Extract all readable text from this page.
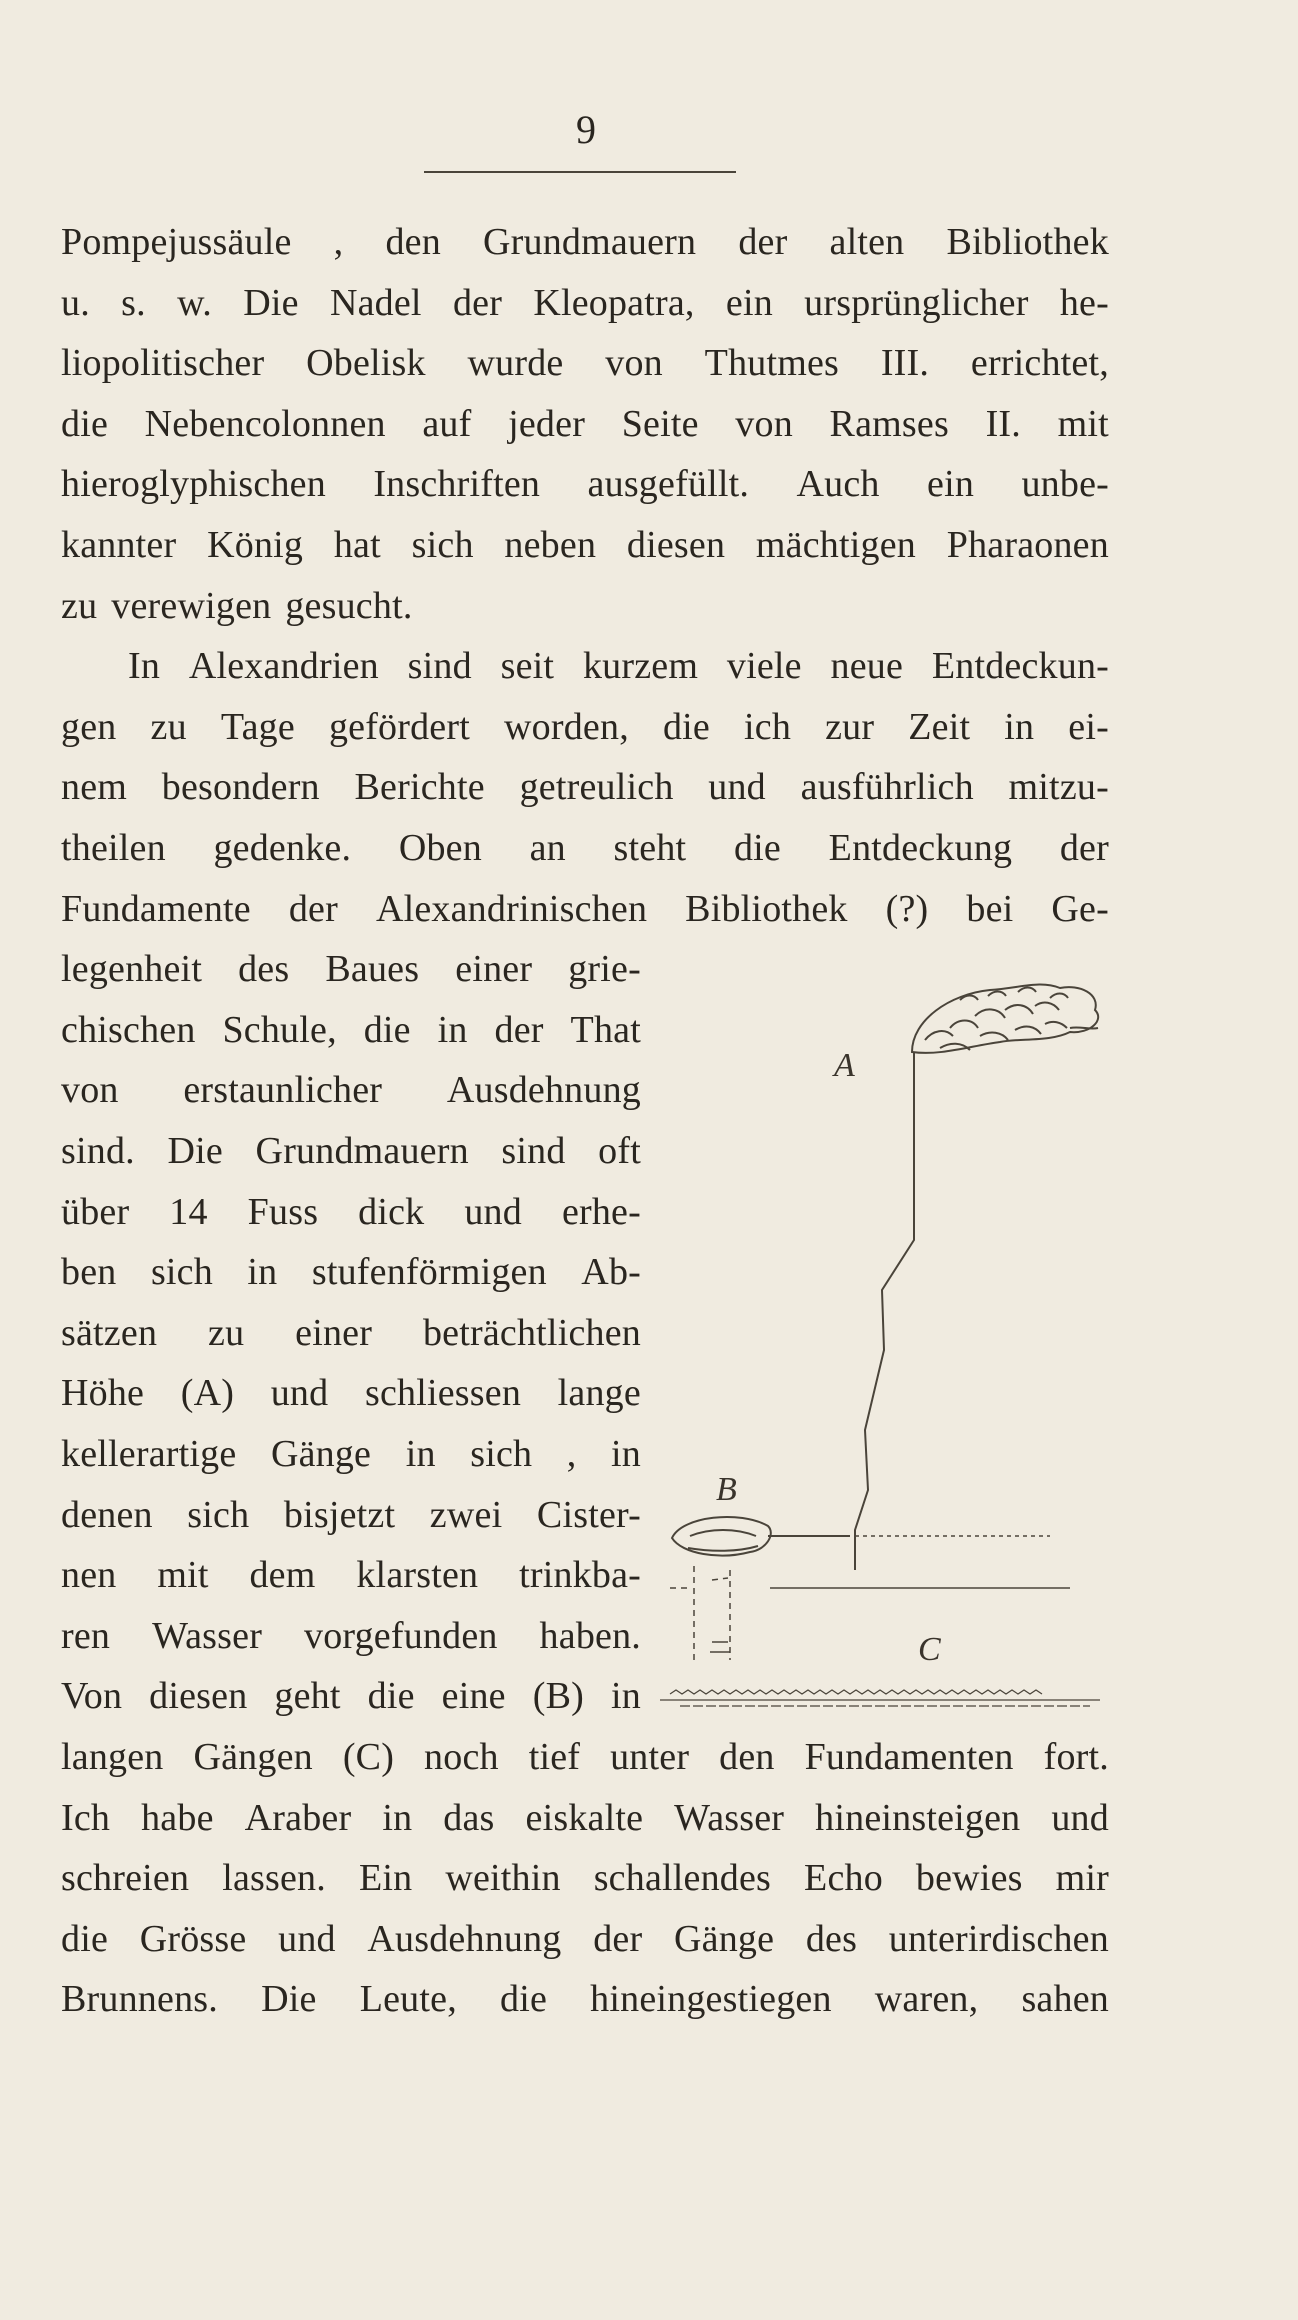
9
Pompejussäule , den Grundmauern der alten Bibliothek
u. s. w. Die Nadel der Kleopatra, ein ursprünglicher he-
liopolitischer Obelisk wurde von Thutmes III. errichtet,
die Nebencolonnen auf jeder Seite von Ramses II. mit
hieroglyphischen Inschriften ausgefüllt. Auch ein unbe-
kannter König hat sich neben diesen mächtigen Pharaonen
zu verewigen gesucht.
In Alexandrien sind seit kurzem viele neue Entdeckun-
gen zu Tage gefördert worden, die ich zur Zeit in ei-
nem besondern Berichte getreulich und ausführlich mitzu-
theilen gedenke. Oben an steht die Entdeckung der
Fundamente der Alexandrinischen Bibliothek (?) bei Ge-
legenheit des Baues einer grie-
chischen Schule, die in der That
von erstaunlicher Ausdehnung
sind. Die Grundmauern sind oft
über 14 Fuss dick und erhe-
ben sich in stufenförmigen Ab-
sätzen zu einer beträchtlichen
Höhe (A) und schliessen lange
kellerartige Gänge in sich , in
denen sich bisjetzt zwei Cister-
nen mit dem klarsten trinkba-
ren Wasser vorgefunden haben.
Von diesen geht die eine (B) in
langen Gängen (C) noch tief unter den Fundamenten fort.
Ich habe Araber in das eiskalte Wasser hineinsteigen und
schreien lassen. Ein weithin schallendes Echo bewies mir
die Grösse und Ausdehnung der Gänge des unterirdischen
Brunnens. Die Leute, die hineingestiegen waren, sahen
A
B
C
